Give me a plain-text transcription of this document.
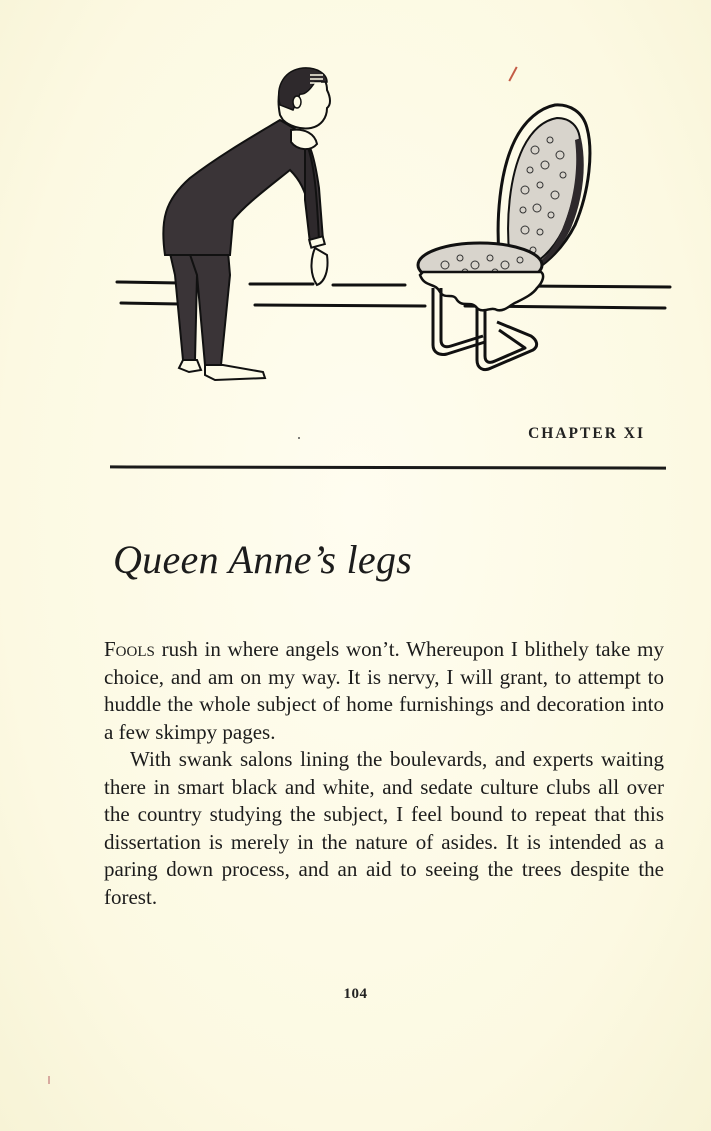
CHAPTER XI
Queen Anne’s legs

Fools rush in where angels won’t. Whereupon I blithely take my choice, and am on my way. It is nervy, I will grant, to attempt to huddle the whole subject of home furnishings and decoration into a few skimpy pages.

With swank salons lining the boulevards, and experts waiting there in smart black and white, and sedate culture clubs all over the country studying the subject, I feel bound to repeat that this dissertation is merely in the nature of asides. It is intended as a paring down process, and an aid to seeing the trees despite the forest.

104
